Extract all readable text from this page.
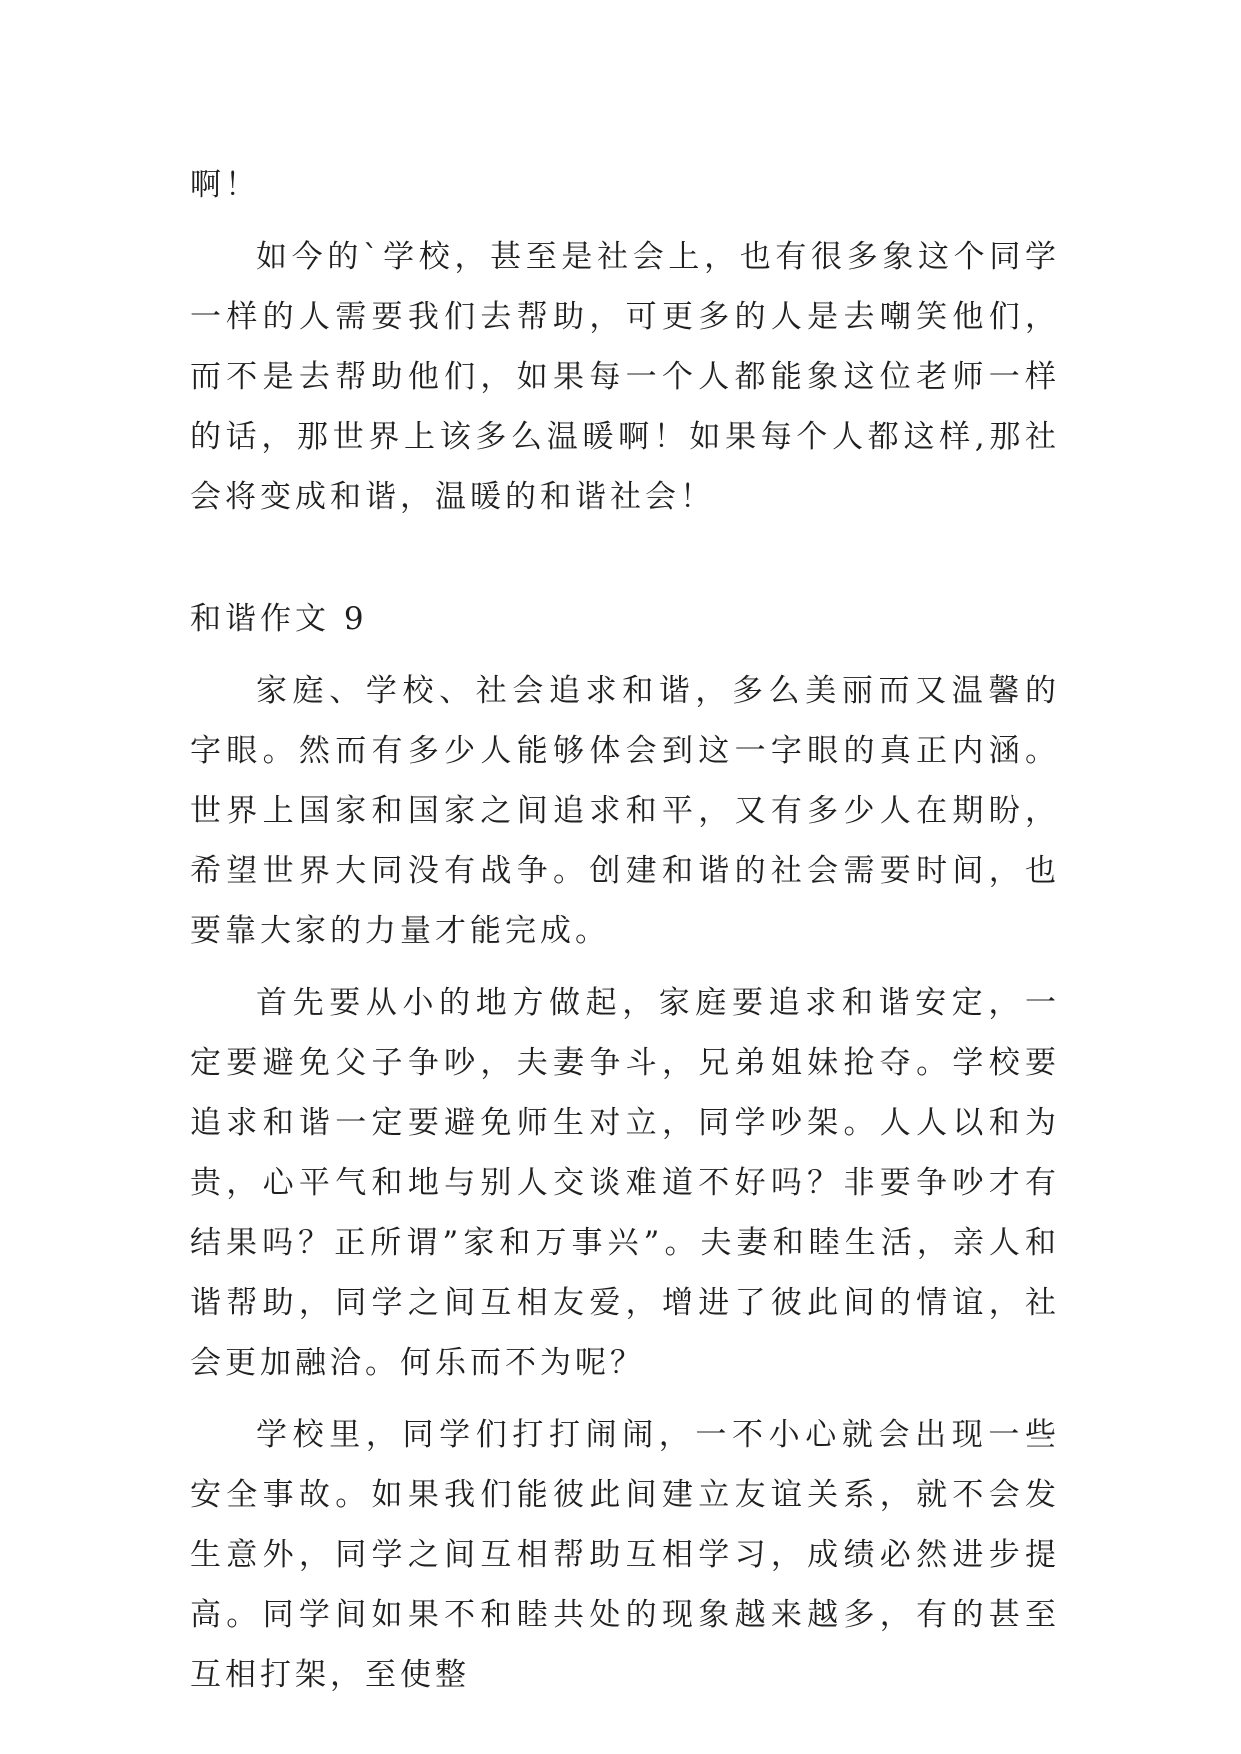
啊！

如今的`学校，甚至是社会上，也有很多象这个同学一样的人需要我们去帮助，可更多的人是去嘲笑他们，而不是去帮助他们，如果每一个人都能象这位老师一样的话，那世界上该多么温暖啊！如果每个人都这样,那社会将变成和谐，温暖的和谐社会！

和谐作文 9

家庭、学校、社会追求和谐，多么美丽而又温馨的字眼。然而有多少人能够体会到这一字眼的真正内涵。世界上国家和国家之间追求和平，又有多少人在期盼，希望世界大同没有战争。创建和谐的社会需要时间，也要靠大家的力量才能完成。

首先要从小的地方做起，家庭要追求和谐安定，一定要避免父子争吵，夫妻争斗，兄弟姐妹抢夺。学校要追求和谐一定要避免师生对立，同学吵架。人人以和为贵，心平气和地与别人交谈难道不好吗？非要争吵才有结果吗？正所谓”家和万事兴”。夫妻和睦生活，亲人和谐帮助，同学之间互相友爱，增进了彼此间的情谊，社会更加融洽。何乐而不为呢？

学校里，同学们打打闹闹，一不小心就会出现一些安全事故。如果我们能彼此间建立友谊关系，就不会发生意外，同学之间互相帮助互相学习，成绩必然进步提高。同学间如果不和睦共处的现象越来越多，有的甚至互相打架，至使整
